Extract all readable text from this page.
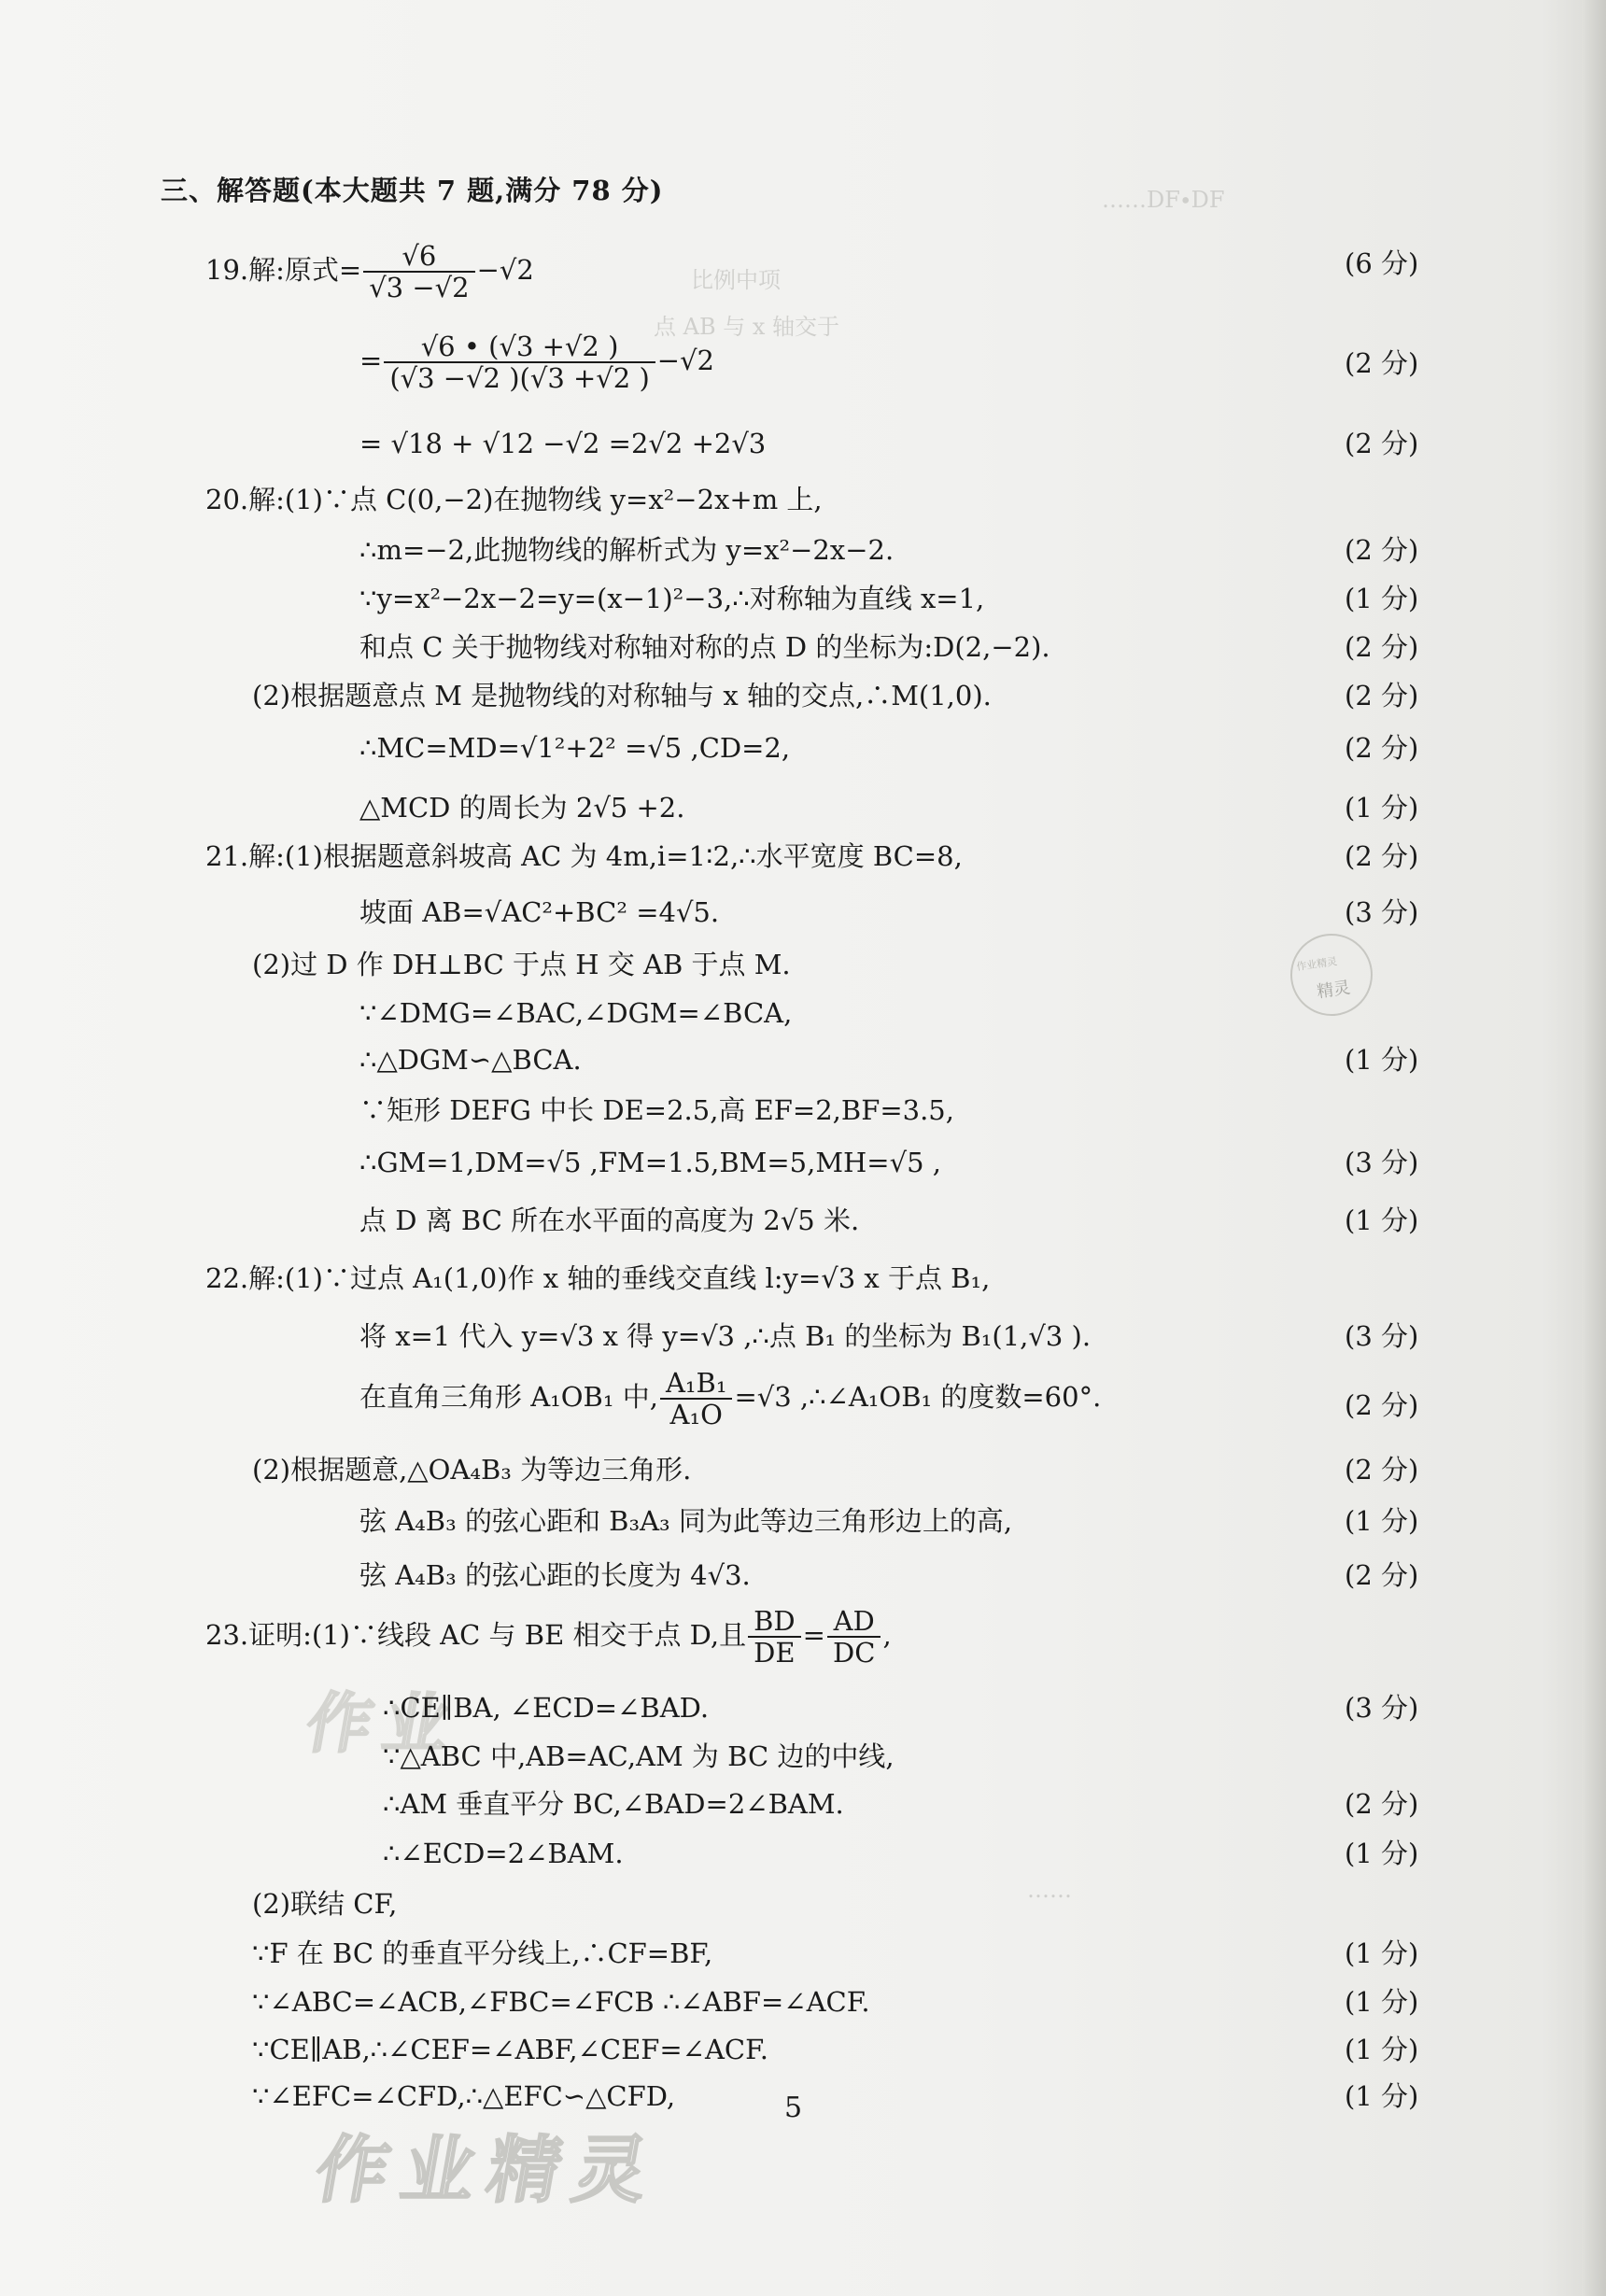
……DF∙DF
比例中项
点 AB 与 x 轴交于
……
作业
作业精灵
作业精灵
精灵
三、解答题(本大题共 7 题,满分 78 分)
19.解:原式= $\frac{√6}{√3 -√2} -√2$	(6 分)
= $\frac{√6 • (√3 +√2 )}{(√3 -√2 )(√3 +√2 )} -√2$	(2 分)
= √18 + √12 −√2 =2√2 +2√3	(2 分)
20.解:(1)∵点 C(0,−2)在抛物线 y=x²−2x+m 上,
∴m=−2,此抛物线的解析式为 y=x²−2x−2.	(2 分)
∵y=x²−2x−2=y=(x−1)²−3,∴对称轴为直线 x=1,	(1 分)
和点 C 关于抛物线对称轴对称的点 D 的坐标为:D(2,−2).	(2 分)
(2)根据题意点 M 是抛物线的对称轴与 x 轴的交点,∴M(1,0).	(2 分)
∴MC=MD=√1²+2² =√5 ,CD=2,	(2 分)
△MCD 的周长为 2√5 +2.	(1 分)
21.解:(1)根据题意斜坡高 AC 为 4m,i=1∶2,∴水平宽度 BC=8,	(2 分)
坡面 AB=√AC²+BC² =4√5.	(3 分)
(2)过 D 作 DH⊥BC 于点 H 交 AB 于点 M.
∵∠DMG=∠BAC,∠DGM=∠BCA,
∴△DGM∽△BCA.	(1 分)
∵矩形 DEFG 中长 DE=2.5,高 EF=2,BF=3.5,
∴GM=1,DM=√5 ,FM=1.5,BM=5,MH=√5 ,	(3 分)
点 D 离 BC 所在水平面的高度为 2√5 米.	(1 分)
22.解:(1)∵过点 A₁(1,0)作 x 轴的垂线交直线 l:y=√3 x 于点 B₁,
将 x=1 代入 y=√3 x 得 y=√3 ,∴点 B₁ 的坐标为 B₁(1,√3 ).	(3 分)
在直角三角形 A₁OB₁ 中, $\frac{\text{A₁B₁}}{\text{A₁O}} =√3$ ,∴∠A₁OB₁ 的度数=60°.	(2 分)
(2)根据题意,△OA₄B₃ 为等边三角形.	(2 分)
弦 A₄B₃ 的弦心距和 B₃A₃ 同为此等边三角形边上的高,	(1 分)
弦 A₄B₃ 的弦心距的长度为 4√3.	(2 分)
23.证明:(1)∵线段 AC 与 BE 相交于点 D,且 $\frac{BD}{DE} = \frac{AD}{DC}$ ,
∴CE∥BA, ∠ECD=∠BAD.	(3 分)
∵△ABC 中,AB=AC,AM 为 BC 边的中线,
∴AM 垂直平分 BC,∠BAD=2∠BAM.	(2 分)
∴∠ECD=2∠BAM.	(1 分)
(2)联结 CF,
∵F 在 BC 的垂直平分线上,∴CF=BF,	(1 分)
∵∠ABC=∠ACB,∠FBC=∠FCB ∴∠ABF=∠ACF.	(1 分)
∵CE∥AB,∴∠CEF=∠ABF,∠CEF=∠ACF.	(1 分)
∵∠EFC=∠CFD,∴△EFC∽△CFD,	(1 分)
5
